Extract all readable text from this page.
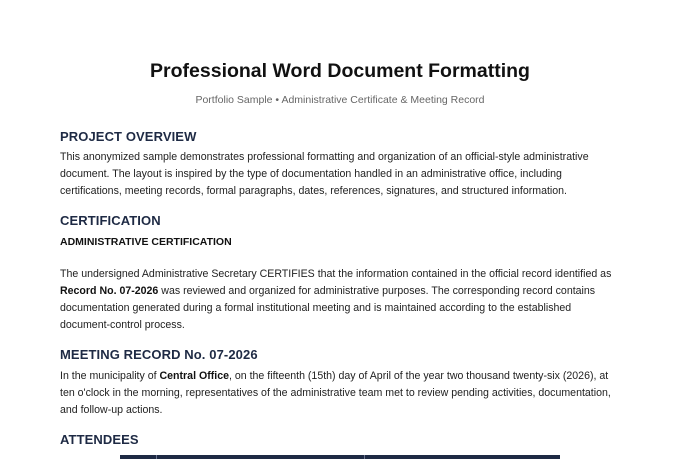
Professional Word Document Formatting
Portfolio Sample • Administrative Certificate & Meeting Record
PROJECT OVERVIEW

This anonymized sample demonstrates professional formatting and organization of an official-style administrative document. The layout is inspired by the type of documentation handled in an administrative office, including certifications, meeting records, formal paragraphs, dates, references, signatures, and structured information.

CERTIFICATION
ADMINISTRATIVE CERTIFICATION

The undersigned Administrative Secretary CERTIFIES that the information contained in the official record identified as Record No. 07-2026 was reviewed and organized for administrative purposes. The corresponding record contains documentation generated during a formal institutional meeting and is maintained according to the established document-control process.

MEETING RECORD No. 07-2026

In the municipality of Central Office, on the fifteenth (15th) day of April of the year two thousand twenty-six (2026), at ten o'clock in the morning, representatives of the administrative team met to review pending activities, documentation, and follow-up actions.

ATTENDEES
